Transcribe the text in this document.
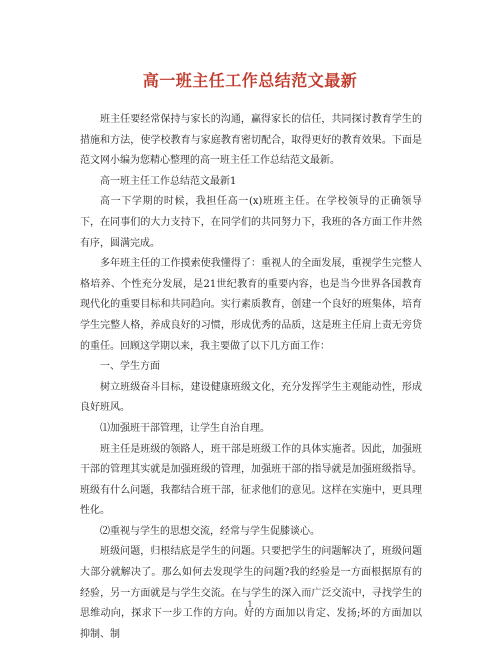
高一班主任工作总结范文最新

班主任要经常保持与家长的沟通，赢得家长的信任，共同探讨教育学生的措施和方法，使学校教育与家庭教育密切配合，取得更好的教育效果。下面是范文网小编为您精心整理的高一班主任工作总结范文最新。

高一班主任工作总结范文最新1

高一下学期的时候，我担任高一(x)班班主任。在学校领导的正确领导下，在同事们的大力支持下，在同学们的共同努力下，我班的各方面工作井然有序，圆满完成。

多年班主任的工作摸索使我懂得了：重视人的全面发展，重视学生完整人格培养、个性充分发展，是21世纪教育的重要内容，也是当今世界各国教育现代化的重要目标和共同趋向。实行素质教育，创建一个良好的班集体，培育学生完整人格，养成良好的习惯，形成优秀的品质，这是班主任肩上责无旁贷的重任。回顾这学期以来，我主要做了以下几方面工作：

一、学生方面

树立班级奋斗目标，建设健康班级文化，充分发挥学生主观能动性，形成良好班风。

⑴加强班干部管理，让学生自治自理。

班主任是班级的领路人，班干部是班级工作的具体实施者。因此，加强班干部的管理其实就是加强班级的管理，加强班干部的指导就是加强班级指导。班级有什么问题，我都结合班干部，征求他们的意见。这样在实施中，更具理性化。

⑵重视与学生的思想交流，经常与学生促膝谈心。

班级问题，归根结底是学生的问题。只要把学生的问题解决了，班级问题大部分就解决了。那么如何去发现学生的问题?我的经验是一方面根据原有的经验，另一方面就是与学生交流。在与学生的深入而广泛交流中，寻找学生的思维动向，探求下一步工作的方向。好的方面加以肯定、发扬;坏的方面加以抑制、制

1
